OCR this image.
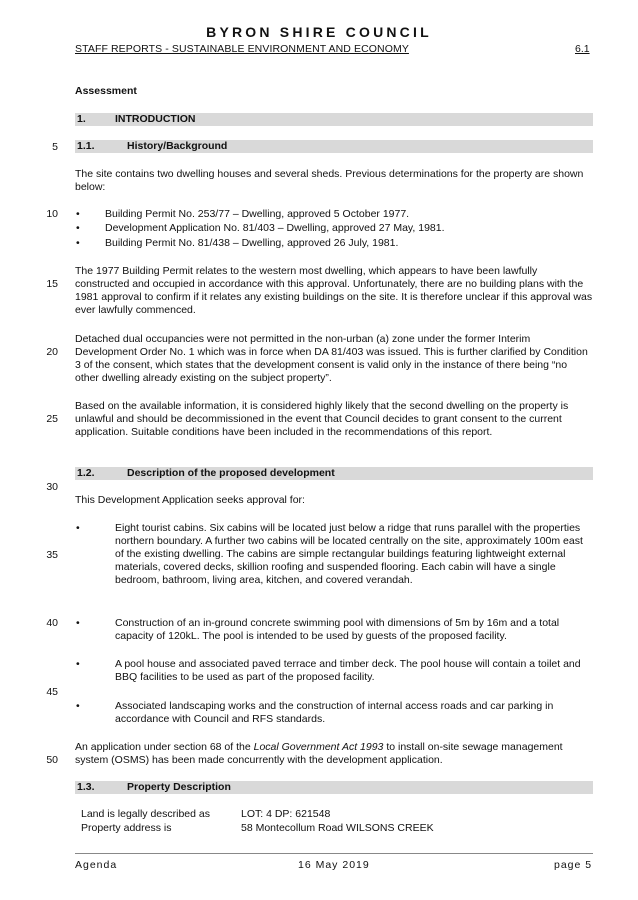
BYRON SHIRE COUNCIL
STAFF REPORTS - SUSTAINABLE ENVIRONMENT AND ECONOMY	6.1
Assessment
1.	INTRODUCTION
5 1.1.	History/Background
The site contains two dwelling houses and several sheds. Previous determinations for the property are shown below:
10 • Building Permit No. 253/77 – Dwelling, approved 5 October 1977.
• Development Application No. 81/403 – Dwelling, approved 27 May, 1981.
• Building Permit No. 81/438 – Dwelling, approved 26 July, 1981.
15
The 1977 Building Permit relates to the western most dwelling, which appears to have been lawfully constructed and occupied in accordance with this approval. Unfortunately, there are no building plans with the 1981 approval to confirm if it relates any existing buildings on the site. It is therefore unclear if this approval was ever lawfully commenced.
20
Detached dual occupancies were not permitted in the non-urban (a) zone under the former Interim Development Order No. 1 which was in force when DA 81/403 was issued. This is further clarified by Condition 3 of the consent, which states that the development consent is valid only in the instance of there being “no other dwelling already existing on the subject property”.
25
Based on the available information, it is considered highly likely that the second dwelling on the property is unlawful and should be decommissioned in the event that Council decides to grant consent to the current application. Suitable conditions have been included in the recommendations of this report.
1.2.	Description of the proposed development
30
This Development Application seeks approval for:
35
•	Eight tourist cabins. Six cabins will be located just below a ridge that runs parallel with the properties northern boundary. A further two cabins will be located centrally on the site, approximately 100m east of the existing dwelling. The cabins are simple rectangular buildings featuring lightweight external materials, covered decks, skillion roofing and suspended flooring. Each cabin will have a single bedroom, bathroom, living area, kitchen, and covered verandah.
40 •	Construction of an in-ground concrete swimming pool with dimensions of 5m by 16m and a total capacity of 120kL. The pool is intended to be used by guests of the proposed facility.
•	A pool house and associated paved terrace and timber deck. The pool house will contain a toilet and BBQ facilities to be used as part of the proposed facility.
45
•	Associated landscaping works and the construction of internal access roads and car parking in accordance with Council and RFS standards.
50
An application under section 68 of the Local Government Act 1993 to install on-site sewage management system (OSMS) has been made concurrently with the development application.
1.3.	Property Description
Land is legally described as	LOT: 4 DP: 621548
Property address is	58 Montecollum Road WILSONS CREEK
Agenda	16 May 2019	page 5
